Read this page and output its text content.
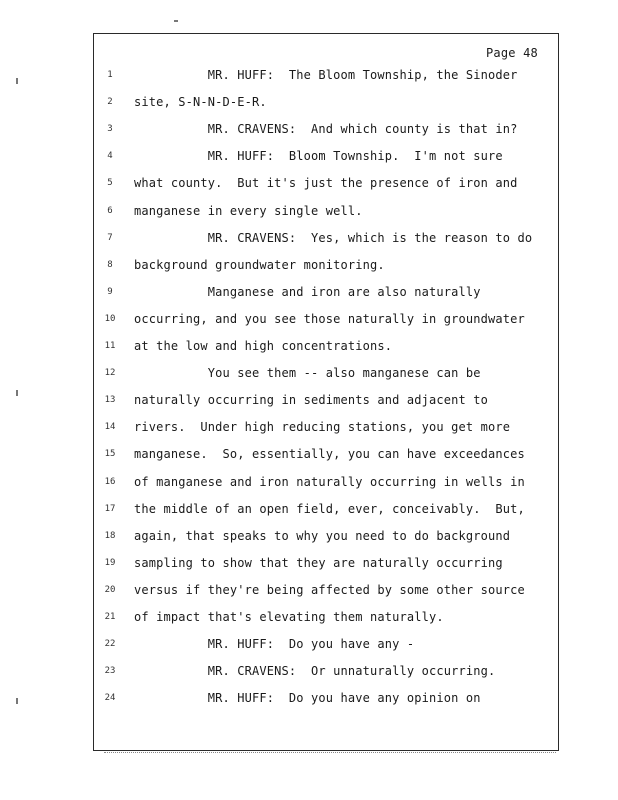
Page 48
1	MR. HUFF:  The Bloom Township, the Sinoder
2	site, S-N-N-D-E-R.
3	MR. CRAVENS:  And which county is that in?
4	MR. HUFF:  Bloom Township.  I'm not sure
5	what county.  But it's just the presence of iron and
6	manganese in every single well.
7	MR. CRAVENS:  Yes, which is the reason to do
8	background groundwater monitoring.
9	Manganese and iron are also naturally
10	occurring, and you see those naturally in groundwater
11	at the low and high concentrations.
12	You see them -- also manganese can be
13	naturally occurring in sediments and adjacent to
14	rivers.  Under high reducing stations, you get more
15	manganese.  So, essentially, you can have exceedances
16	of manganese and iron naturally occurring in wells in
17	the middle of an open field, ever, conceivably.  But,
18	again, that speaks to why you need to do background
19	sampling to show that they are naturally occurring
20	versus if they're being affected by some other source
21	of impact that's elevating them naturally.
22	MR. HUFF:  Do you have any -
23	MR. CRAVENS:  Or unnaturally occurring.
24	MR. HUFF:  Do you have any opinion on
